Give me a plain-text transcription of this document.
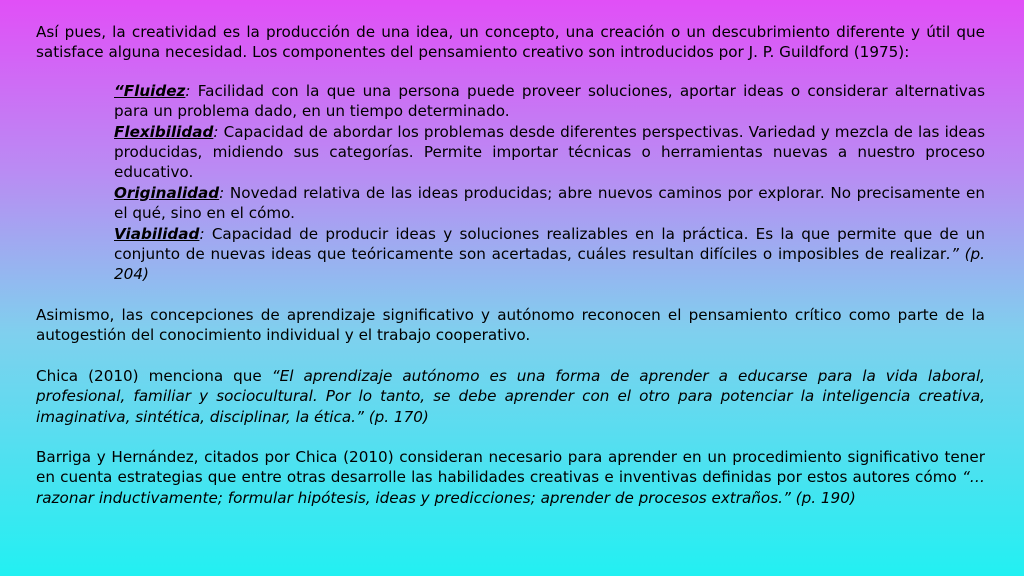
Así pues, la creatividad es la producción de una idea, un concepto, una creación o un descubrimiento diferente y útil que satisface alguna necesidad. Los componentes del pensamiento creativo son introducidos por J. P. Guildford (1975):

“Fluidez: Facilidad con la que una persona puede proveer soluciones, aportar ideas o considerar alternativas para un problema dado, en un tiempo determinado.

Flexibilidad: Capacidad de abordar los problemas desde diferentes perspectivas. Variedad y mezcla de las ideas producidas, midiendo sus categorías. Permite importar técnicas o herramientas nuevas a nuestro proceso educativo.

Originalidad: Novedad relativa de las ideas producidas; abre nuevos caminos por explorar. No precisamente en el qué, sino en el cómo.

Viabilidad: Capacidad de producir ideas y soluciones realizables en la práctica. Es la que permite que de un conjunto de nuevas ideas que teóricamente son acertadas, cuáles resultan difíciles o imposibles de realizar.” (p. 204)

Asimismo, las concepciones de aprendizaje significativo y autónomo reconocen el pensamiento crítico como parte de la autogestión del conocimiento individual y el trabajo cooperativo.

Chica (2010) menciona que “El aprendizaje autónomo es una forma de aprender a educarse para la vida laboral, profesional, familiar y sociocultural. Por lo tanto, se debe aprender con el otro para potenciar la inteligencia creativa, imaginativa, sintética, disciplinar, la ética.” (p. 170)

Barriga y Hernández, citados por Chica (2010) consideran necesario para aprender en un procedimiento significativo tener en cuenta estrategias que entre otras desarrolle las habilidades creativas e inventivas definidas por estos autores cómo “…razonar inductivamente; formular hipótesis, ideas y predicciones; aprender de procesos extraños.” (p. 190)
